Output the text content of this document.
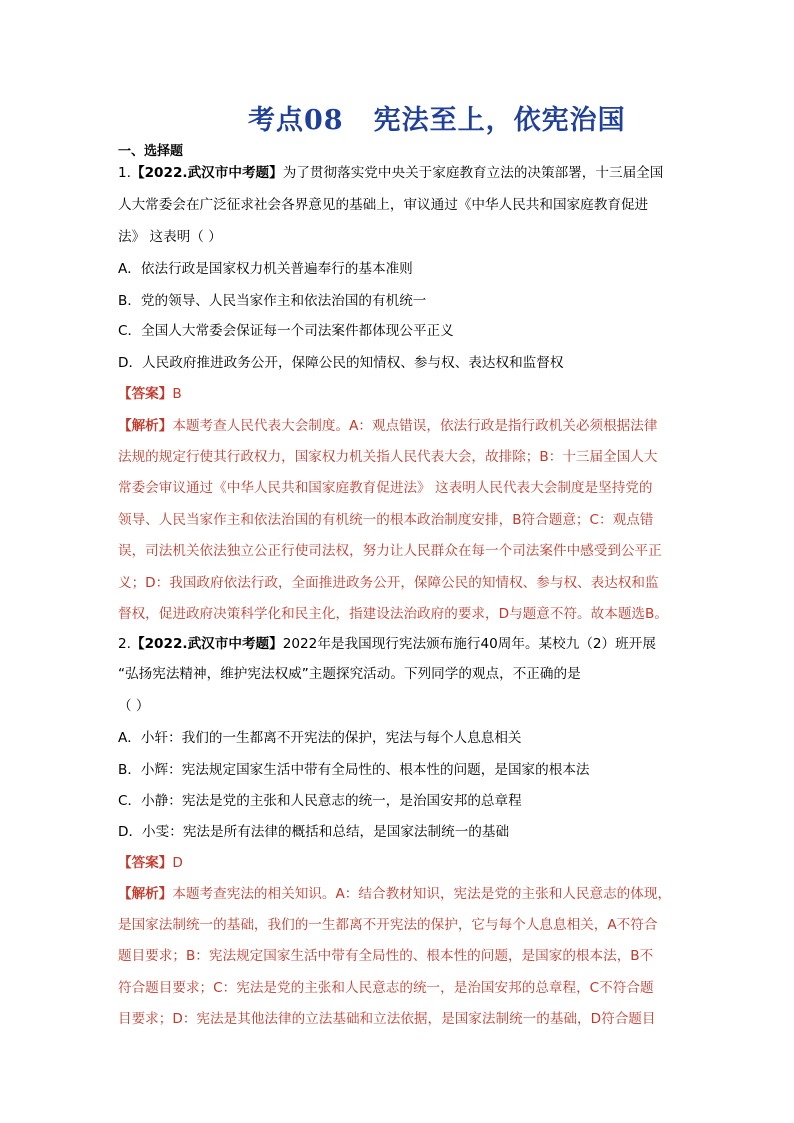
考点08 宪法至上，依宪治国
一、选择题
1.【2022.武汉市中考题】为了贯彻落实党中央关于家庭教育立法的决策部署，十三届全国
人大常委会在广泛征求社会各界意见的基础上，审议通过《中华人民共和国家庭教育促进
法》 这表明（ ）
A．依法行政是国家权力机关普遍奉行的基本准则
B．党的领导、人民当家作主和依法治国的有机统一
C．全国人大常委会保证每一个司法案件都体现公平正义
D．人民政府推进政务公开，保障公民的知情权、参与权、表达权和监督权
【答案】B
【解析】本题考查人民代表大会制度。A：观点错误，依法行政是指行政机关必须根据法律
法规的规定行使其行政权力，国家权力机关指人民代表大会，故排除；B：十三届全国人大
常委会审议通过《中华人民共和国家庭教育促进法》 这表明人民代表大会制度是坚持党的
领导、人民当家作主和依法治国的有机统一的根本政治制度安排，B符合题意；C：观点错
误，司法机关依法独立公正行使司法权，努力让人民群众在每一个司法案件中感受到公平正
义；D：我国政府依法行政，全面推进政务公开，保障公民的知情权、参与权、表达权和监
督权，促进政府决策科学化和民主化，指建设法治政府的要求，D与题意不符。故本题选B。
2.【2022.武汉市中考题】2022年是我国现行宪法颁布施行40周年。某校九（2）班开展
“弘扬宪法精神，维护宪法权威”主题探究活动。下列同学的观点，不正确的是
（ ）
A．小轩：我们的一生都离不开宪法的保护，宪法与每个人息息相关
B．小辉：宪法规定国家生活中带有全局性的、根本性的问题，是国家的根本法
C．小静：宪法是党的主张和人民意志的统一，是治国安邦的总章程
D．小雯：宪法是所有法律的概括和总结，是国家法制统一的基础
【答案】D
【解析】本题考查宪法的相关知识。A：结合教材知识，宪法是党的主张和人民意志的体现，
是国家法制统一的基础，我们的一生都离不开宪法的保护，它与每个人息息相关，A不符合
题目要求；B：宪法规定国家生活中带有全局性的、根本性的问题，是国家的根本法，B不
符合题目要求；C：宪法是党的主张和人民意志的统一，是治国安邦的总章程，C不符合题
目要求；D：宪法是其他法律的立法基础和立法依据，是国家法制统一的基础，D符合题目
